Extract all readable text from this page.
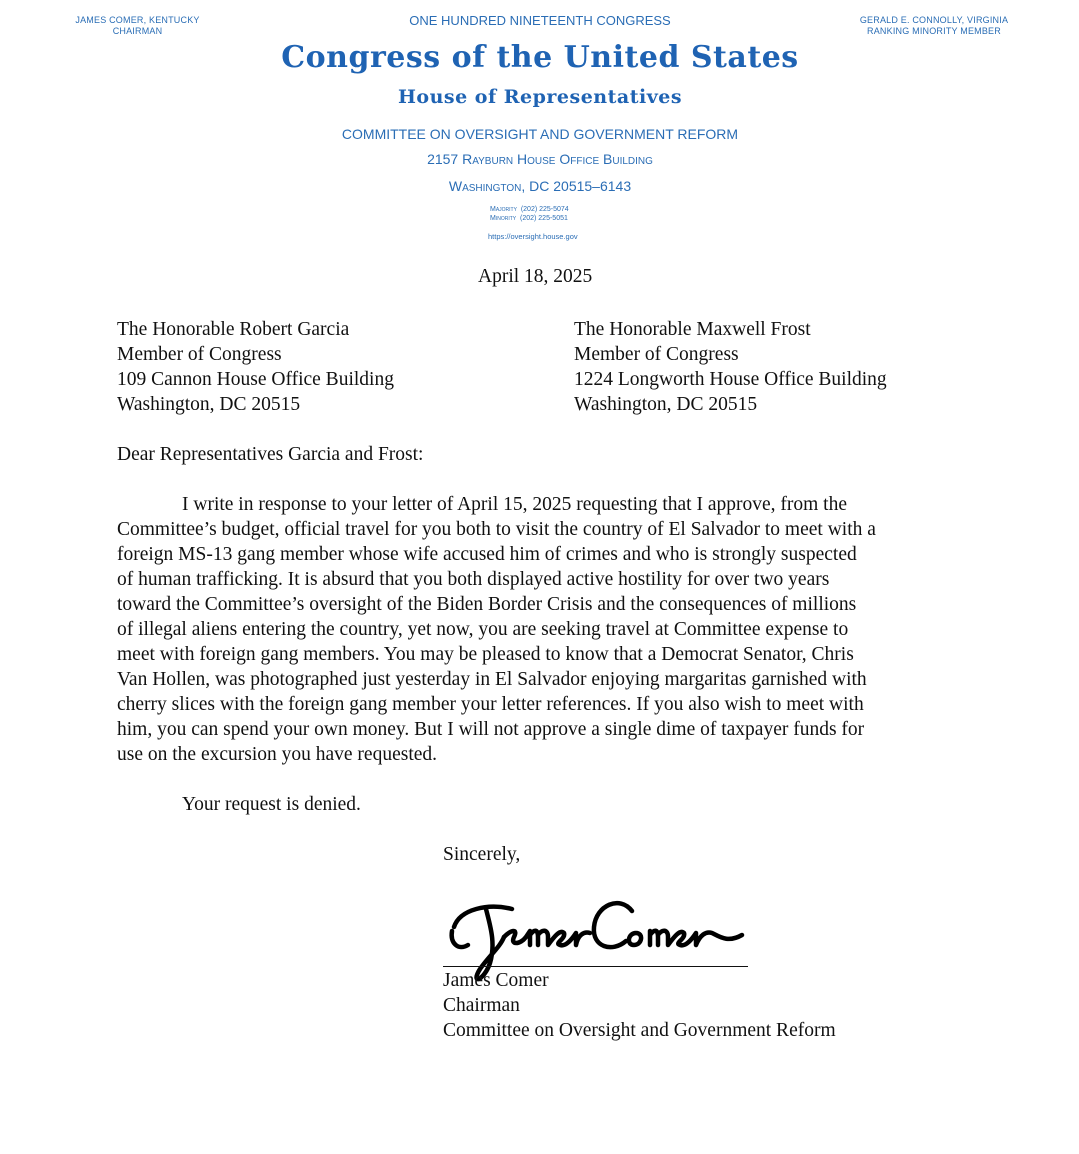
JAMES COMER, KENTUCKY
CHAIRMAN
ONE HUNDRED NINETEENTH CONGRESS	GERALD E. CONNOLLY, VIRGINIA
RANKING MINORITY MEMBER
Congress of the United States
House of Representatives
COMMITTEE ON OVERSIGHT AND GOVERNMENT REFORM
2157 Rayburn House Office Building
Washington, DC 20515–6143
Majority  (202) 225-5074
Minority  (202) 225-5051
https://oversight.house.gov
April 18, 2025
The Honorable Robert Garcia
Member of Congress
109 Cannon House Office Building
Washington, DC 20515
The Honorable Maxwell Frost
Member of Congress
1224 Longworth House Office Building
Washington, DC 20515
Dear Representatives Garcia and Frost:
I write in response to your letter of April 15, 2025 requesting that I approve, from the
Committee’s budget, official travel for you both to visit the country of El Salvador to meet with a
foreign MS-13 gang member whose wife accused him of crimes and who is strongly suspected
of human trafficking. It is absurd that you both displayed active hostility for over two years
toward the Committee’s oversight of the Biden Border Crisis and the consequences of millions
of illegal aliens entering the country, yet now, you are seeking travel at Committee expense to
meet with foreign gang members. You may be pleased to know that a Democrat Senator, Chris
Van Hollen, was photographed just yesterday in El Salvador enjoying margaritas garnished with
cherry slices with the foreign gang member your letter references. If you also wish to meet with
him, you can spend your own money. But I will not approve a single dime of taxpayer funds for
use on the excursion you have requested.
Your request is denied.
Sincerely,
James Comer
Chairman
Committee on Oversight and Government Reform
